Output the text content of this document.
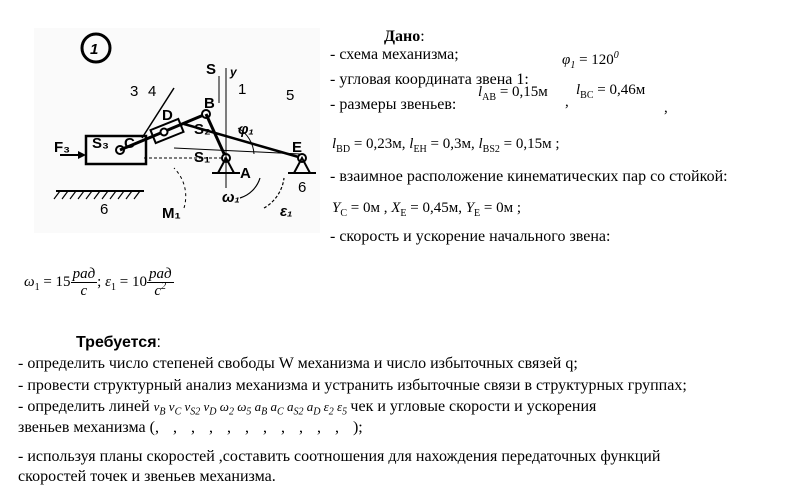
1
S y
B
D
C
S₃
S₂
S₁
A
E
F₃
φ₁
ω₁
ε₁
M₁
1
3 4	5
6
6
Дано:
- схема механизма;	$\varphi_1 = 120^0$
- угловая координата звена 1:
- размеры звеньев:
$l_{AB} = 0,15м$
,
$l_{BC} = 0,46м$
,
$l_{BD} = 0,23м$, $l_{EH} = 0,3м$, $l_{BS2} = 0,15м$ ;
- взаимное расположение кинематических пар со стойкой:
$Y_C = 0м$ , $X_E = 0,45м$, $Y_E = 0м$ ;
- скорость и ускорение начального звена:
$\omega_1 = 15 \frac{\text{рад}}{с}$ ; $\varepsilon_1 = 10 \frac{\text{рад}}{с^2}$
Требуется:
- определить число степеней свободы W механизма и число избыточных связей q;
- провести структурный анализ механизма и устранить избыточные связи в структурных группах;
- определить линей $\nu_B$ $\nu_C$ $\nu_{S2}$ $\nu_D$ $\omega_2$ $\omega_5$ $a_B$ $a_C$ $a_{S2}$ $a_D$ $\varepsilon_2$ $\varepsilon_5$ чек и угловые скорости и ускорения
звеньев механизма (,,,,,,,,,,,);
- используя планы скоростей ,составить соотношения для нахождения передаточных функций
скоростей точек и звеньев механизма.
